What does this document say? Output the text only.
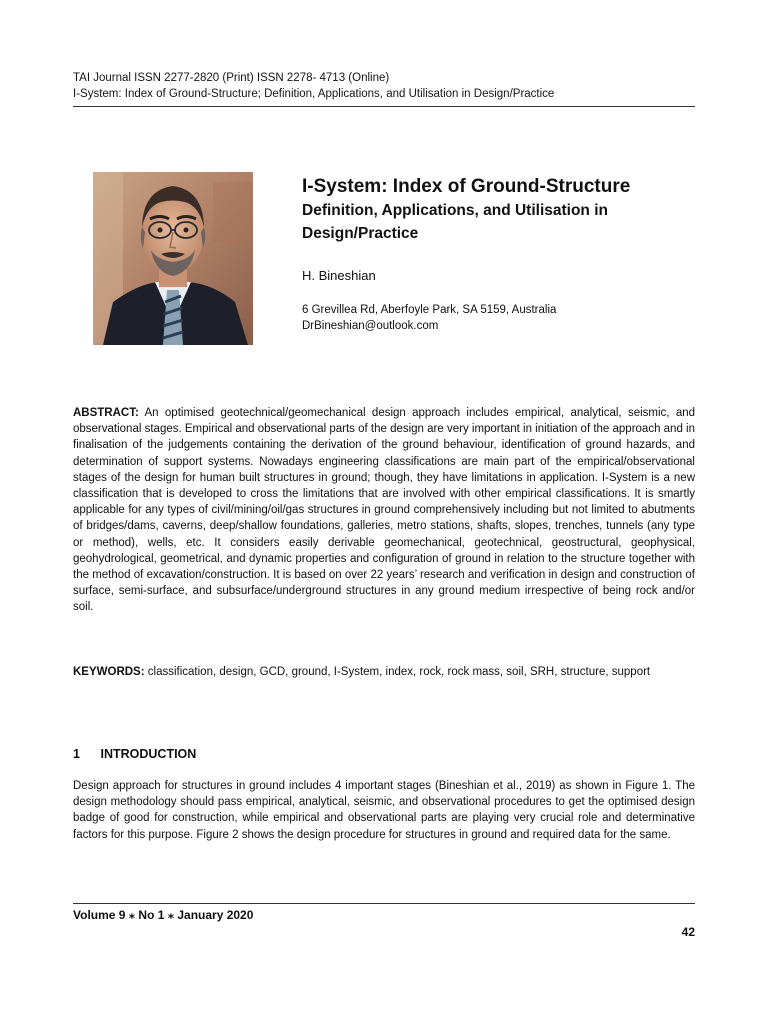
TAI Journal ISSN 2277-2820 (Print) ISSN 2278- 4713 (Online)
I-System: Index of Ground-Structure; Definition, Applications, and Utilisation in Design/Practice
I-System: Index of Ground-Structure
Definition, Applications, and Utilisation in
Design/Practice
H. Bineshian
6 Grevillea Rd, Aberfoyle Park, SA 5159, Australia
DrBineshian@outlook.com
ABSTRACT: An optimised geotechnical/geomechanical design approach includes empirical, analytical, seismic, and observational stages. Empirical and observational parts of the design are very important in initiation of the approach and in finalisation of the judgements containing the derivation of the ground behaviour, identification of ground hazards, and determination of support systems. Nowadays engineering classifications are main part of the empirical/observational stages of the design for human built structures in ground; though, they have limitations in application. I-System is a new classification that is developed to cross the limitations that are involved with other empirical classifications. It is smartly applicable for any types of civil/mining/oil/gas structures in ground comprehensively including but not limited to abutments of bridges/dams, caverns, deep/shallow foundations, galleries, metro stations, shafts, slopes, trenches, tunnels (any type or method), wells, etc. It considers easily derivable geomechanical, geotechnical, geostructural, geophysical, geohydrological, geometrical, and dynamic properties and configuration of ground in relation to the structure together with the method of excavation/construction. It is based on over 22 years’ research and verification in design and construction of surface, semi-surface, and subsurface/underground structures in any ground medium irrespective of being rock and/or soil.
KEYWORDS: classification, design, GCD, ground, I-System, index, rock, rock mass, soil, SRH, structure, support
1 INTRODUCTION
Design approach for structures in ground includes 4 important stages (Bineshian et al., 2019) as shown in Figure 1. The design methodology should pass empirical, analytical, seismic, and observational procedures to get the optimised design badge of good for construction, while empirical and observational parts are playing very crucial role and determinative factors for this purpose. Figure 2 shows the design procedure for structures in ground and required data for the same.
Volume 9 ⁎ No 1 ⁎ January 2020
42
